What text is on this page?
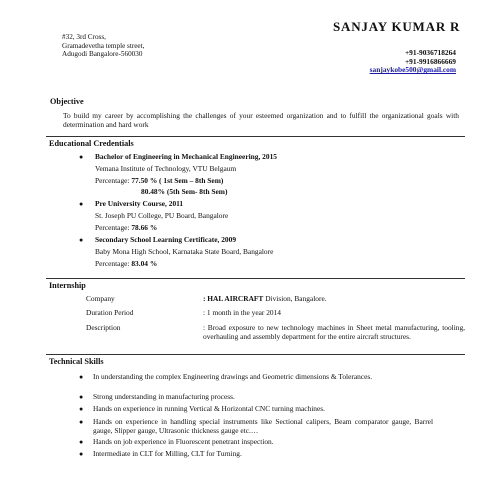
SANJAY KUMAR R
#32, 3rd Cross,
Gramadevetha temple street,
Adugodi Bangalore-560030	+91-9036718264
+91-9916866669
sanjaykobe500@gmail.com
Objective
To build my career by accomplishing the challenges of your esteemed organization and to fulfill the organizational goals with determination and hard work
Educational Credentials
● Bachelor of Engineering in Mechanical Engineering, 2015
Vemana Institute of Technology, VTU Belgaum
Percentage: 77.50 % ( 1st Sem – 8th Sem)
80.48% (5th Sem- 8th Sem)
● Pre University Course, 2011
St. Joseph PU College, PU Board, Bangalore
Percentage: 78.66 %
● Secondary School Learning Certificate, 2009
Baby Mona High School, Karnataka State Board, Bangalore
Percentage: 83.04 %
Internship
Company	: HAL AIRCRAFT Division, Bangalore.
Duration Period	: 1 month in the year 2014
Description	: Broad exposure to new technology machines in Sheet metal manufacturing, tooling, overhauling and assembly department for the entire aircraft structures.
Technical Skills
● In understanding the complex Engineering drawings and Geometric dimensions & Tolerances.
● Strong understanding in manufacturing process.
● Hands on experience in running Vertical & Horizontal CNC turning machines.
● Hands on experience in handling special instruments like Sectional calipers, Beam comparator gauge, Barrel gauge, Slipper gauge, Ultrasonic thickness gauge etc.…
● Hands on job experience in Fluorescent penetrant inspection.
● Intermediate in CLT for Milling, CLT for Turning.
